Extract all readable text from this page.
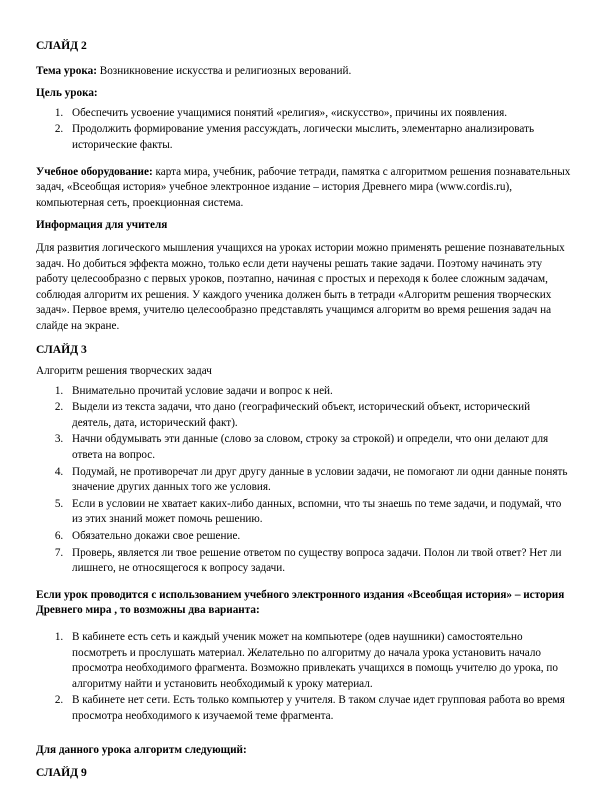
СЛАЙД 2

Тема урока: Возникновение искусства и религиозных верований.

Цель урока:

1. Обеспечить усвоение учащимися понятий «религия», «искусство», причины их появления.
2. Продолжить формирование умения рассуждать, логически мыслить, элементарно анализировать исторические факты.

Учебное оборудование: карта мира, учебник, рабочие тетради, памятка с алгоритмом решения познавательных задач, «Всеобщая история» учебное электронное издание – история Древнего мира (www.cordis.ru), компьютерная сеть, проекционная система.

Информация для учителя

Для развития логического мышления учащихся на уроках истории можно применять решение познавательных задач. Но добиться эффекта можно, только если дети научены решать такие задачи. Поэтому начинать эту работу целесообразно с первых уроков, поэтапно, начиная с простых и переходя к более сложным задачам, соблюдая алгоритм их решения. У каждого ученика должен быть в тетради «Алгоритм решения творческих задач». Первое время, учителю целесообразно представлять учащимся алгоритм во время решения задач на слайде на экране.

СЛАЙД 3

Алгоритм решения творческих задач

1. Внимательно прочитай условие задачи и вопрос к ней.
2. Выдели из текста задачи, что дано (географический объект, исторический объект, исторический деятель, дата, исторический факт).
3. Начни обдумывать эти данные (слово за словом, строку за строкой) и определи, что они делают для ответа на вопрос.
4. Подумай, не противоречат ли друг другу данные в условии задачи, не помогают ли одни данные понять значение других данных того же условия.
5. Если в условии не хватает каких-либо данных, вспомни, что ты знаешь по теме задачи, и подумай, что из этих знаний может помочь решению.
6. Обязательно докажи свое решение.
7. Проверь, является ли твое решение ответом по существу вопроса задачи. Полон ли твой ответ? Нет ли лишнего, не относящегося к вопросу задачи.

Если урок проводится с использованием учебного электронного издания «Всеобщая история» – история Древнего мира , то возможны два варианта:

1. В кабинете есть сеть и каждый ученик может на компьютере (одев наушники) самостоятельно посмотреть и прослушать материал. Желательно по алгоритму до начала урока установить начало просмотра необходимого фрагмента. Возможно привлекать учащихся в помощь учителю до урока, по алгоритму найти и установить необходимый к уроку материал.
2. В кабинете нет сети. Есть только компьютер у учителя. В таком случае идет групповая работа во время просмотра необходимого к изучаемой теме фрагмента.

Для данного урока алгоритм следующий:

СЛАЙД 9
